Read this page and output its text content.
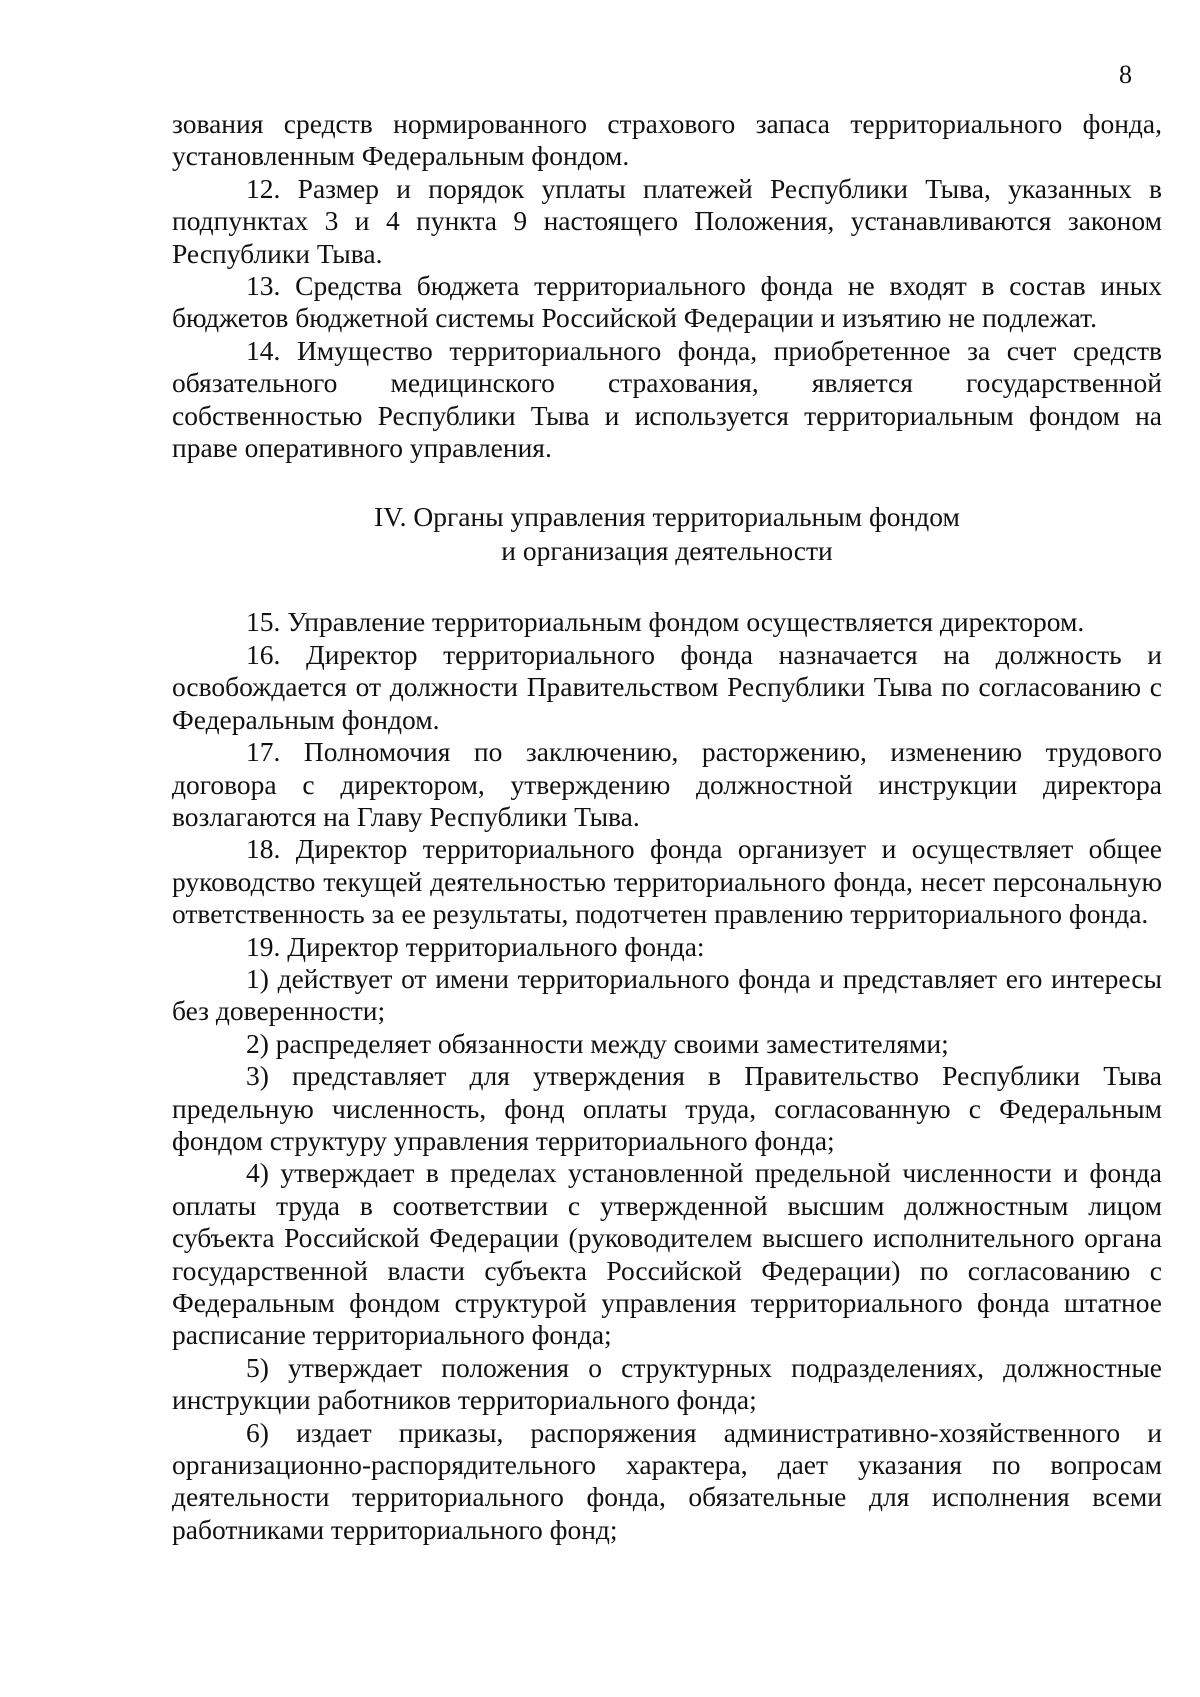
8

зования средств нормированного страхового запаса территориального фонда, установленным Федеральным фондом.

12. Размер и порядок уплаты платежей Республики Тыва, указанных в подпунктах 3 и 4 пункта 9 настоящего Положения, устанавливаются законом Республики Тыва.

13. Средства бюджета территориального фонда не входят в состав иных бюджетов бюджетной системы Российской Федерации и изъятию не подлежат.

14. Имущество территориального фонда, приобретенное за счет средств обязательного медицинского страхования, является государственной собственностью Республики Тыва и используется территориальным фондом на праве оперативного управления.

IV. Органы управления территориальным фондом
и организация деятельности

15. Управление территориальным фондом осуществляется директором.

16. Директор территориального фонда назначается на должность и освобождается от должности Правительством Республики Тыва по согласованию с Федеральным фондом.

17. Полномочия по заключению, расторжению, изменению трудового договора с директором, утверждению должностной инструкции директора возлагаются на Главу Республики Тыва.

18. Директор территориального фонда организует и осуществляет общее руководство текущей деятельностью территориального фонда, несет персональную ответственность за ее результаты, подотчетен правлению территориального фонда.

19. Директор территориального фонда:

1) действует от имени территориального фонда и представляет его интересы без доверенности;

2) распределяет обязанности между своими заместителями;

3) представляет для утверждения в Правительство Республики Тыва предельную численность, фонд оплаты труда, согласованную с Федеральным фондом структуру управления территориального фонда;

4) утверждает в пределах установленной предельной численности и фонда оплаты труда в соответствии с утвержденной высшим должностным лицом субъекта Российской Федерации (руководителем высшего исполнительного органа государственной власти субъекта Российской Федерации) по согласованию с Федеральным фондом структурой управления территориального фонда штатное расписание территориального фонда;

5) утверждает положения о структурных подразделениях, должностные инструкции работников территориального фонда;

6) издает приказы, распоряжения административно-хозяйственного и организационно-распорядительного характера, дает указания по вопросам деятельности территориального фонда, обязательные для исполнения всеми работниками территориального фонд;
